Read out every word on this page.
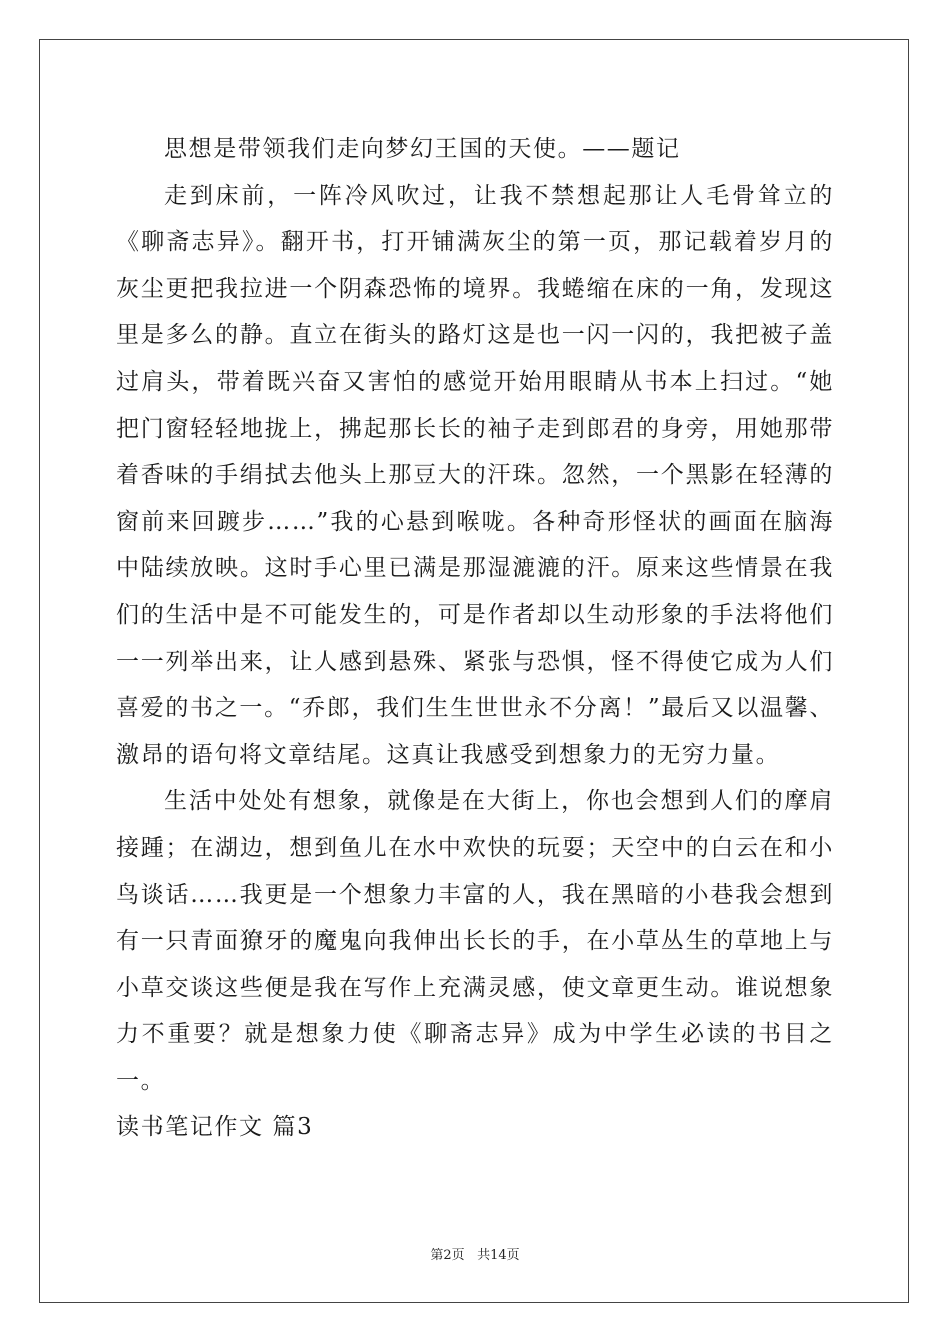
思想是带领我们走向梦幻王国的天使。——题记

走到床前，一阵冷风吹过，让我不禁想起那让人毛骨耸立的《聊斋志异》。翻开书，打开铺满灰尘的第一页，那记载着岁月的灰尘更把我拉进一个阴森恐怖的境界。我蜷缩在床的一角，发现这里是多么的静。直立在街头的路灯这是也一闪一闪的，我把被子盖过肩头，带着既兴奋又害怕的感觉开始用眼睛从书本上扫过。“她把门窗轻轻地拢上，拂起那长长的袖子走到郎君的身旁，用她那带着香味的手绢拭去他头上那豆大的汗珠。忽然，一个黑影在轻薄的窗前来回踱步……”我的心悬到喉咙。各种奇形怪状的画面在脑海中陆续放映。这时手心里已满是那湿漉漉的汗。原来这些情景在我们的生活中是不可能发生的，可是作者却以生动形象的手法将他们一一列举出来，让人感到悬殊、紧张与恐惧，怪不得使它成为人们喜爱的书之一。“乔郎，我们生生世世永不分离！”最后又以温馨、激昂的语句将文章结尾。这真让我感受到想象力的无穷力量。

生活中处处有想象，就像是在大街上，你也会想到人们的摩肩接踵；在湖边，想到鱼儿在水中欢快的玩耍；天空中的白云在和小鸟谈话……我更是一个想象力丰富的人，我在黑暗的小巷我会想到有一只青面獠牙的魔鬼向我伸出长长的手，在小草丛生的草地上与小草交谈这些便是我在写作上充满灵感，使文章更生动。谁说想象力不重要？就是想象力使《聊斋志异》成为中学生必读的书目之一。

读书笔记作文 篇3

第2页 共14页
